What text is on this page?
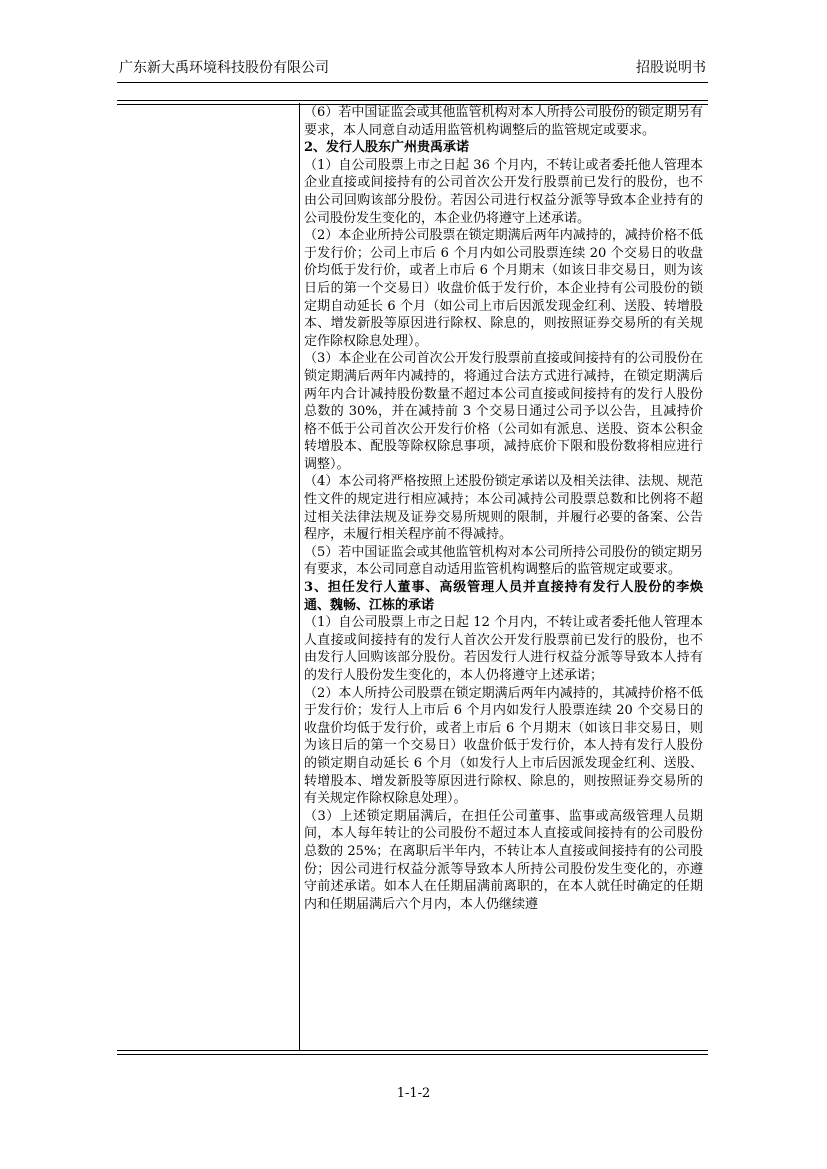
广东新大禹环境科技股份有限公司	招股说明书

（6）若中国证监会或其他监管机构对本人所持公司股份的锁定期另有要求，本人同意自动适用监管机构调整后的监管规定或要求。

2、发行人股东广州贵禹承诺

（1）自公司股票上市之日起 36 个月内，不转让或者委托他人管理本企业直接或间接持有的公司首次公开发行股票前已发行的股份，也不由公司回购该部分股份。若因公司进行权益分派等导致本企业持有的公司股份发生变化的，本企业仍将遵守上述承诺。

（2）本企业所持公司股票在锁定期满后两年内减持的，减持价格不低于发行价；公司上市后 6 个月内如公司股票连续 20 个交易日的收盘价均低于发行价，或者上市后 6 个月期末（如该日非交易日，则为该日后的第一个交易日）收盘价低于发行价，本企业持有公司股份的锁定期自动延长 6 个月（如公司上市后因派发现金红利、送股、转增股本、增发新股等原因进行除权、除息的，则按照证券交易所的有关规定作除权除息处理）。

（3）本企业在公司首次公开发行股票前直接或间接持有的公司股份在锁定期满后两年内减持的，将通过合法方式进行减持，在锁定期满后两年内合计减持股份数量不超过本公司直接或间接持有的发行人股份总数的 30%，并在减持前 3 个交易日通过公司予以公告，且减持价格不低于公司首次公开发行价格（公司如有派息、送股、资本公积金转增股本、配股等除权除息事项，减持底价下限和股份数将相应进行调整）。

（4）本公司将严格按照上述股份锁定承诺以及相关法律、法规、规范性文件的规定进行相应减持；本公司减持公司股票总数和比例将不超过相关法律法规及证券交易所规则的限制，并履行必要的备案、公告程序，未履行相关程序前不得减持。

（5）若中国证监会或其他监管机构对本公司所持公司股份的锁定期另有要求，本公司同意自动适用监管机构调整后的监管规定或要求。

3、担任发行人董事、高级管理人员并直接持有发行人股份的李焕通、魏畅、江栋的承诺

（1）自公司股票上市之日起 12 个月内，不转让或者委托他人管理本人直接或间接持有的发行人首次公开发行股票前已发行的股份，也不由发行人回购该部分股份。若因发行人进行权益分派等导致本人持有的发行人股份发生变化的，本人仍将遵守上述承诺；

（2）本人所持公司股票在锁定期满后两年内减持的，其减持价格不低于发行价；发行人上市后 6 个月内如发行人股票连续 20 个交易日的收盘价均低于发行价，或者上市后 6 个月期末（如该日非交易日，则为该日后的第一个交易日）收盘价低于发行价，本人持有发行人股份的锁定期自动延长 6 个月（如发行人上市后因派发现金红利、送股、转增股本、增发新股等原因进行除权、除息的，则按照证券交易所的有关规定作除权除息处理）。

（3）上述锁定期届满后，在担任公司董事、监事或高级管理人员期间，本人每年转让的公司股份不超过本人直接或间接持有的公司股份总数的 25%；在离职后半年内，不转让本人直接或间接持有的公司股份；因公司进行权益分派等导致本人所持公司股份发生变化的，亦遵守前述承诺。如本人在任期届满前离职的，在本人就任时确定的任期内和任期届满后六个月内，本人仍继续遵

1-1-2
